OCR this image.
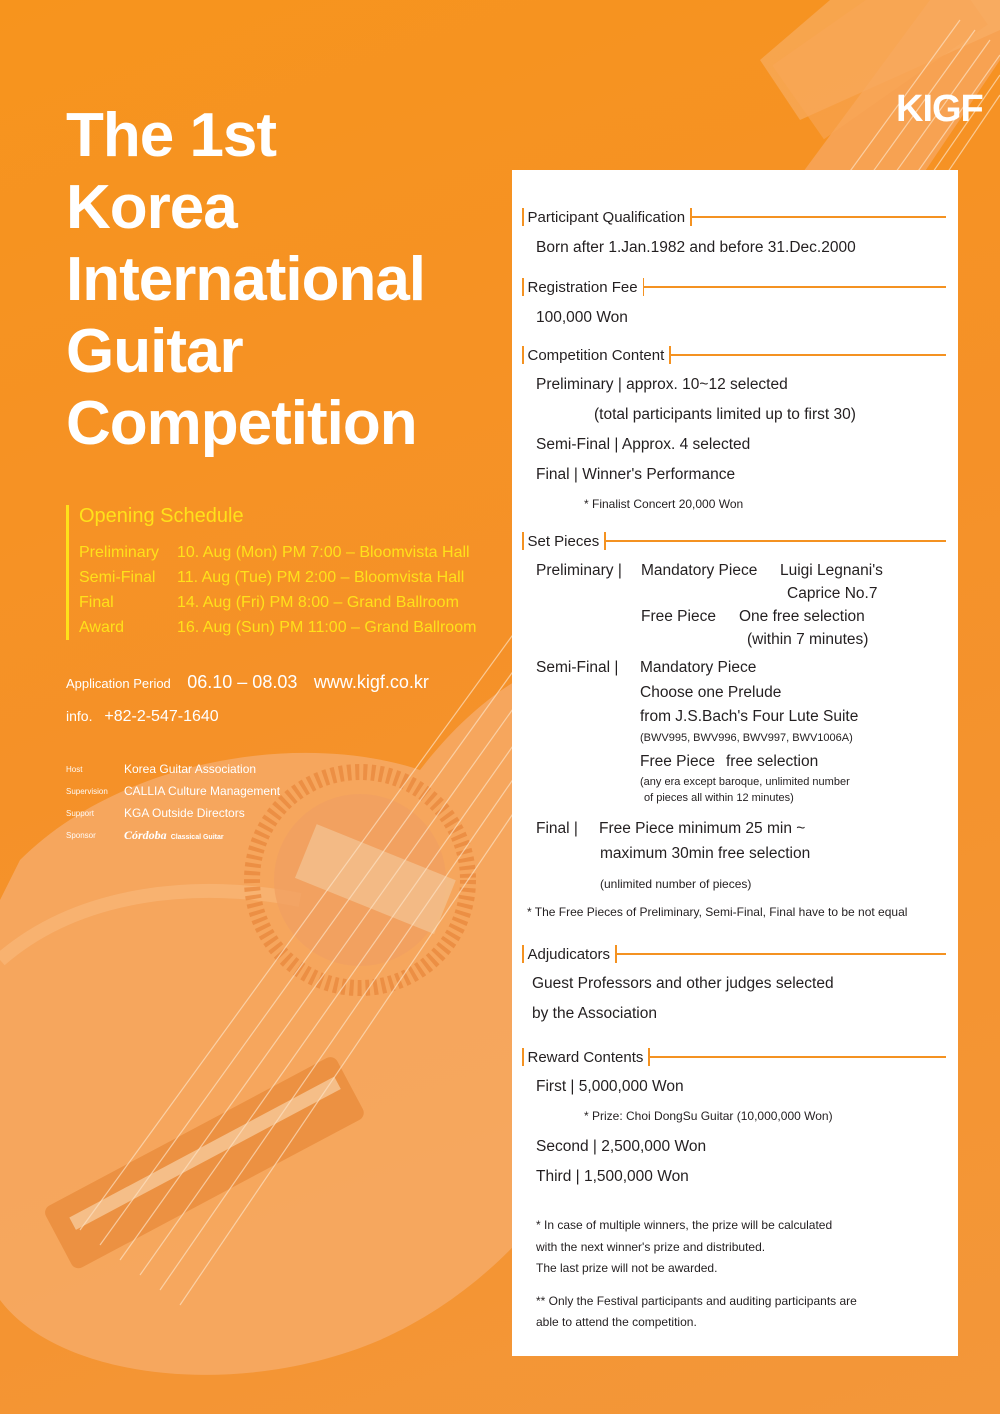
The 1st
Korea
International
Guitar
Competition
KIGF
Opening Schedule
Preliminary	10. Aug (Mon) PM 7:00 – Bloomvista Hall
Semi-Final	11. Aug (Tue) PM 2:00 – Bloomvista Hall
Final	14. Aug (Fri) PM 8:00 – Grand Ballroom
Award	16. Aug (Sun) PM 11:00 – Grand Ballroom
Application Period 06.10 – 08.03 www.kigf.co.kr
info. +82-2-547-1640
Host	Korea Guitar Association
Supervision	CALLIA Culture Management
Support	KGA Outside Directors
Sponsor	Córdoba Classical Guitar
Participant Qualification
Born after 1.Jan.1982 and before 31.Dec.2000
Registration Fee
100,000 Won
Competition Content
Preliminary | approx. 10~12 selected
(total participants limited up to first 30)
Semi-Final | Approx. 4 selected
Final | Winner's Performance
* Finalist Concert 20,000 Won
Set Pieces
Preliminary | Mandatory Piece Luigi Legnani's
Caprice No.7
Free Piece One free selection
(within 7 minutes)
Semi-Final | Mandatory Piece
Choose one Prelude
from J.S.Bach's Four Lute Suite
(BWV995, BWV996, BWV997, BWV1006A)
Free Piece free selection
(any era except baroque, unlimited number
of pieces all within 12 minutes)
Final | Free Piece minimum 25 min ~
maximum 30min free selection
(unlimited number of pieces)
* The Free Pieces of Preliminary, Semi-Final, Final have to be not equal
Adjudicators
Guest Professors and other judges selected
by the Association
Reward Contents
First | 5,000,000 Won
* Prize: Choi DongSu Guitar (10,000,000 Won)
Second | 2,500,000 Won
Third | 1,500,000 Won
* In case of multiple winners, the prize will be calculated
with the next winner's prize and distributed.
The last prize will not be awarded.
** Only the Festival participants and auditing participants are
able to attend the competition.
